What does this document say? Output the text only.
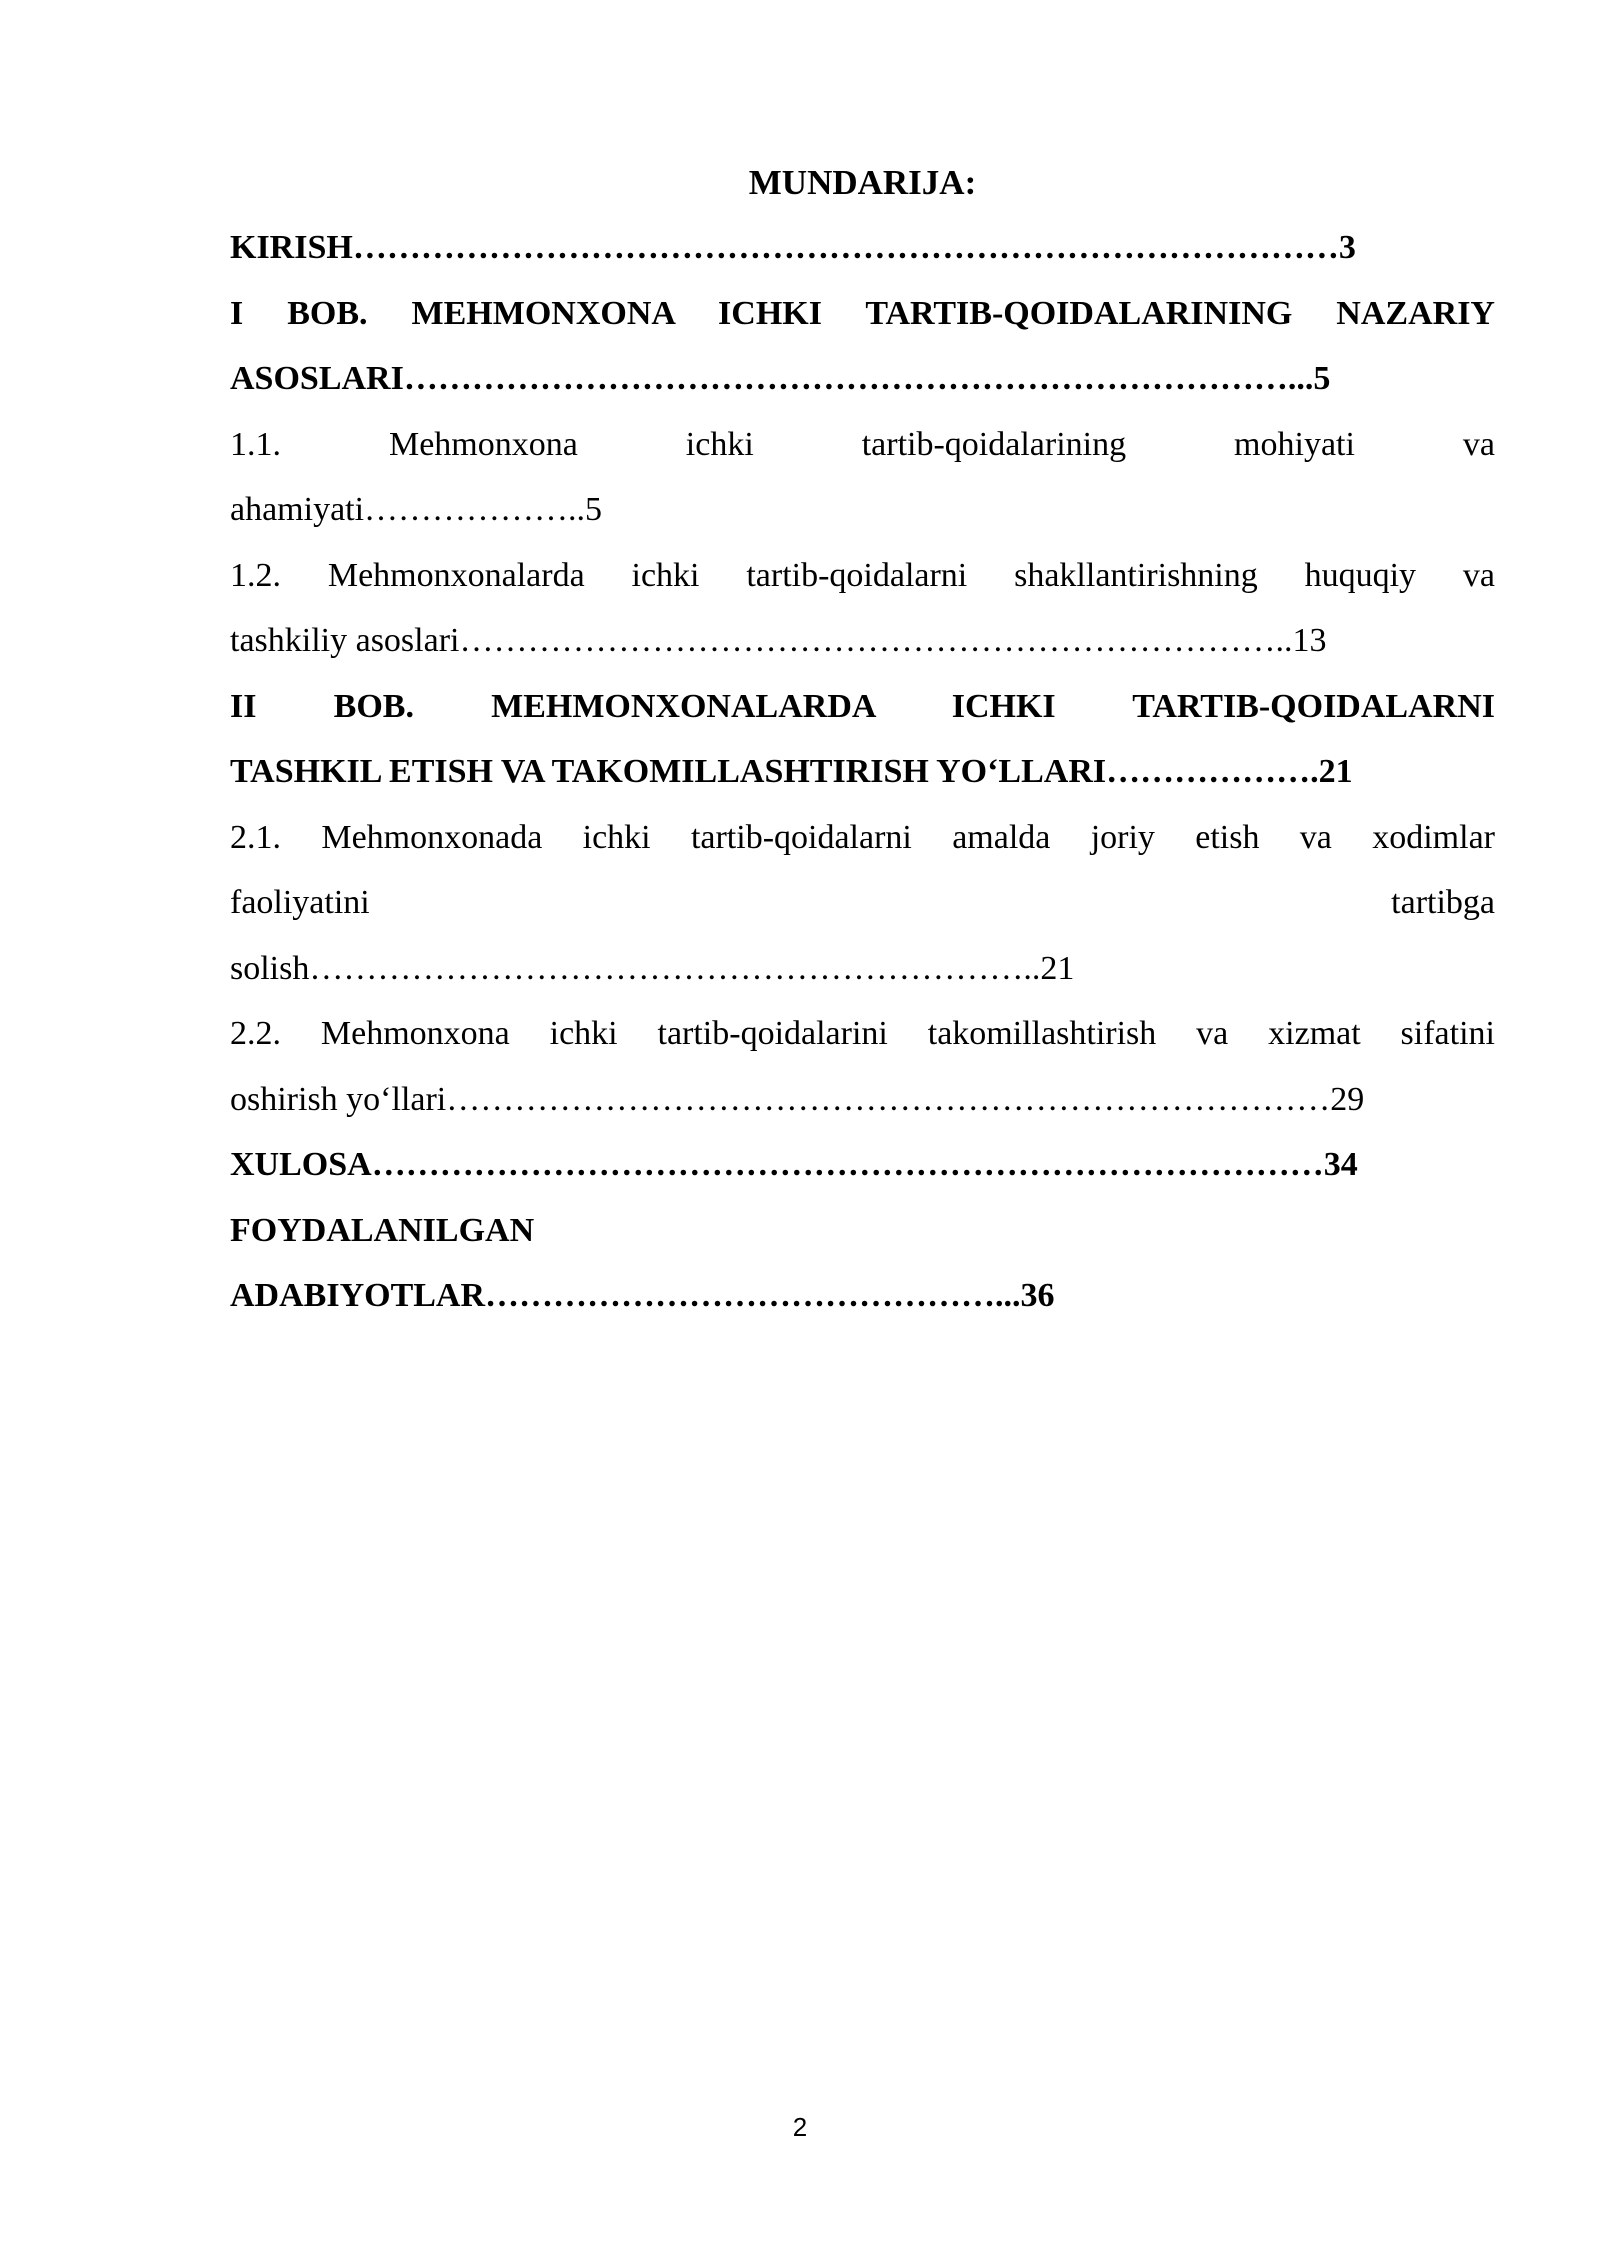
MUNDARIJA:
KIRISH……………………………………………………………………………3
I BOB. MEHMONXONA ICHKI TARTIB-QOIDALARINING NAZARIY
ASOSLARI……………………………………………………………………...5
1.1. Mehmonxona ichki tartib-qoidalarining mohiyati va
ahamiyati………………..5
1.2. Mehmonxonalarda ichki tartib-qoidalarni shakllantirishning huquqiy va
tashkiliy asoslari………………………………………………………………..13
II BOB. MEHMONXONALARDA ICHKI TARTIB-QOIDALARNI
TASHKIL ETISH VA TAKOMILLASHTIRISH YO‘LLARI……………….21
2.1. Mehmonxonada ichki tartib-qoidalarni amalda joriy etish va xodimlar
faoliyatini tartibga
solish………………………………………………………..21
2.2. Mehmonxona ichki tartib-qoidalarini takomillashtirish va xizmat sifatini
oshirish yo‘llari……………………………………………………………………29
XULOSA…………………………………………………………………………34
FOYDALANILGAN
ADABIYOTLAR………………………………………...36
2
